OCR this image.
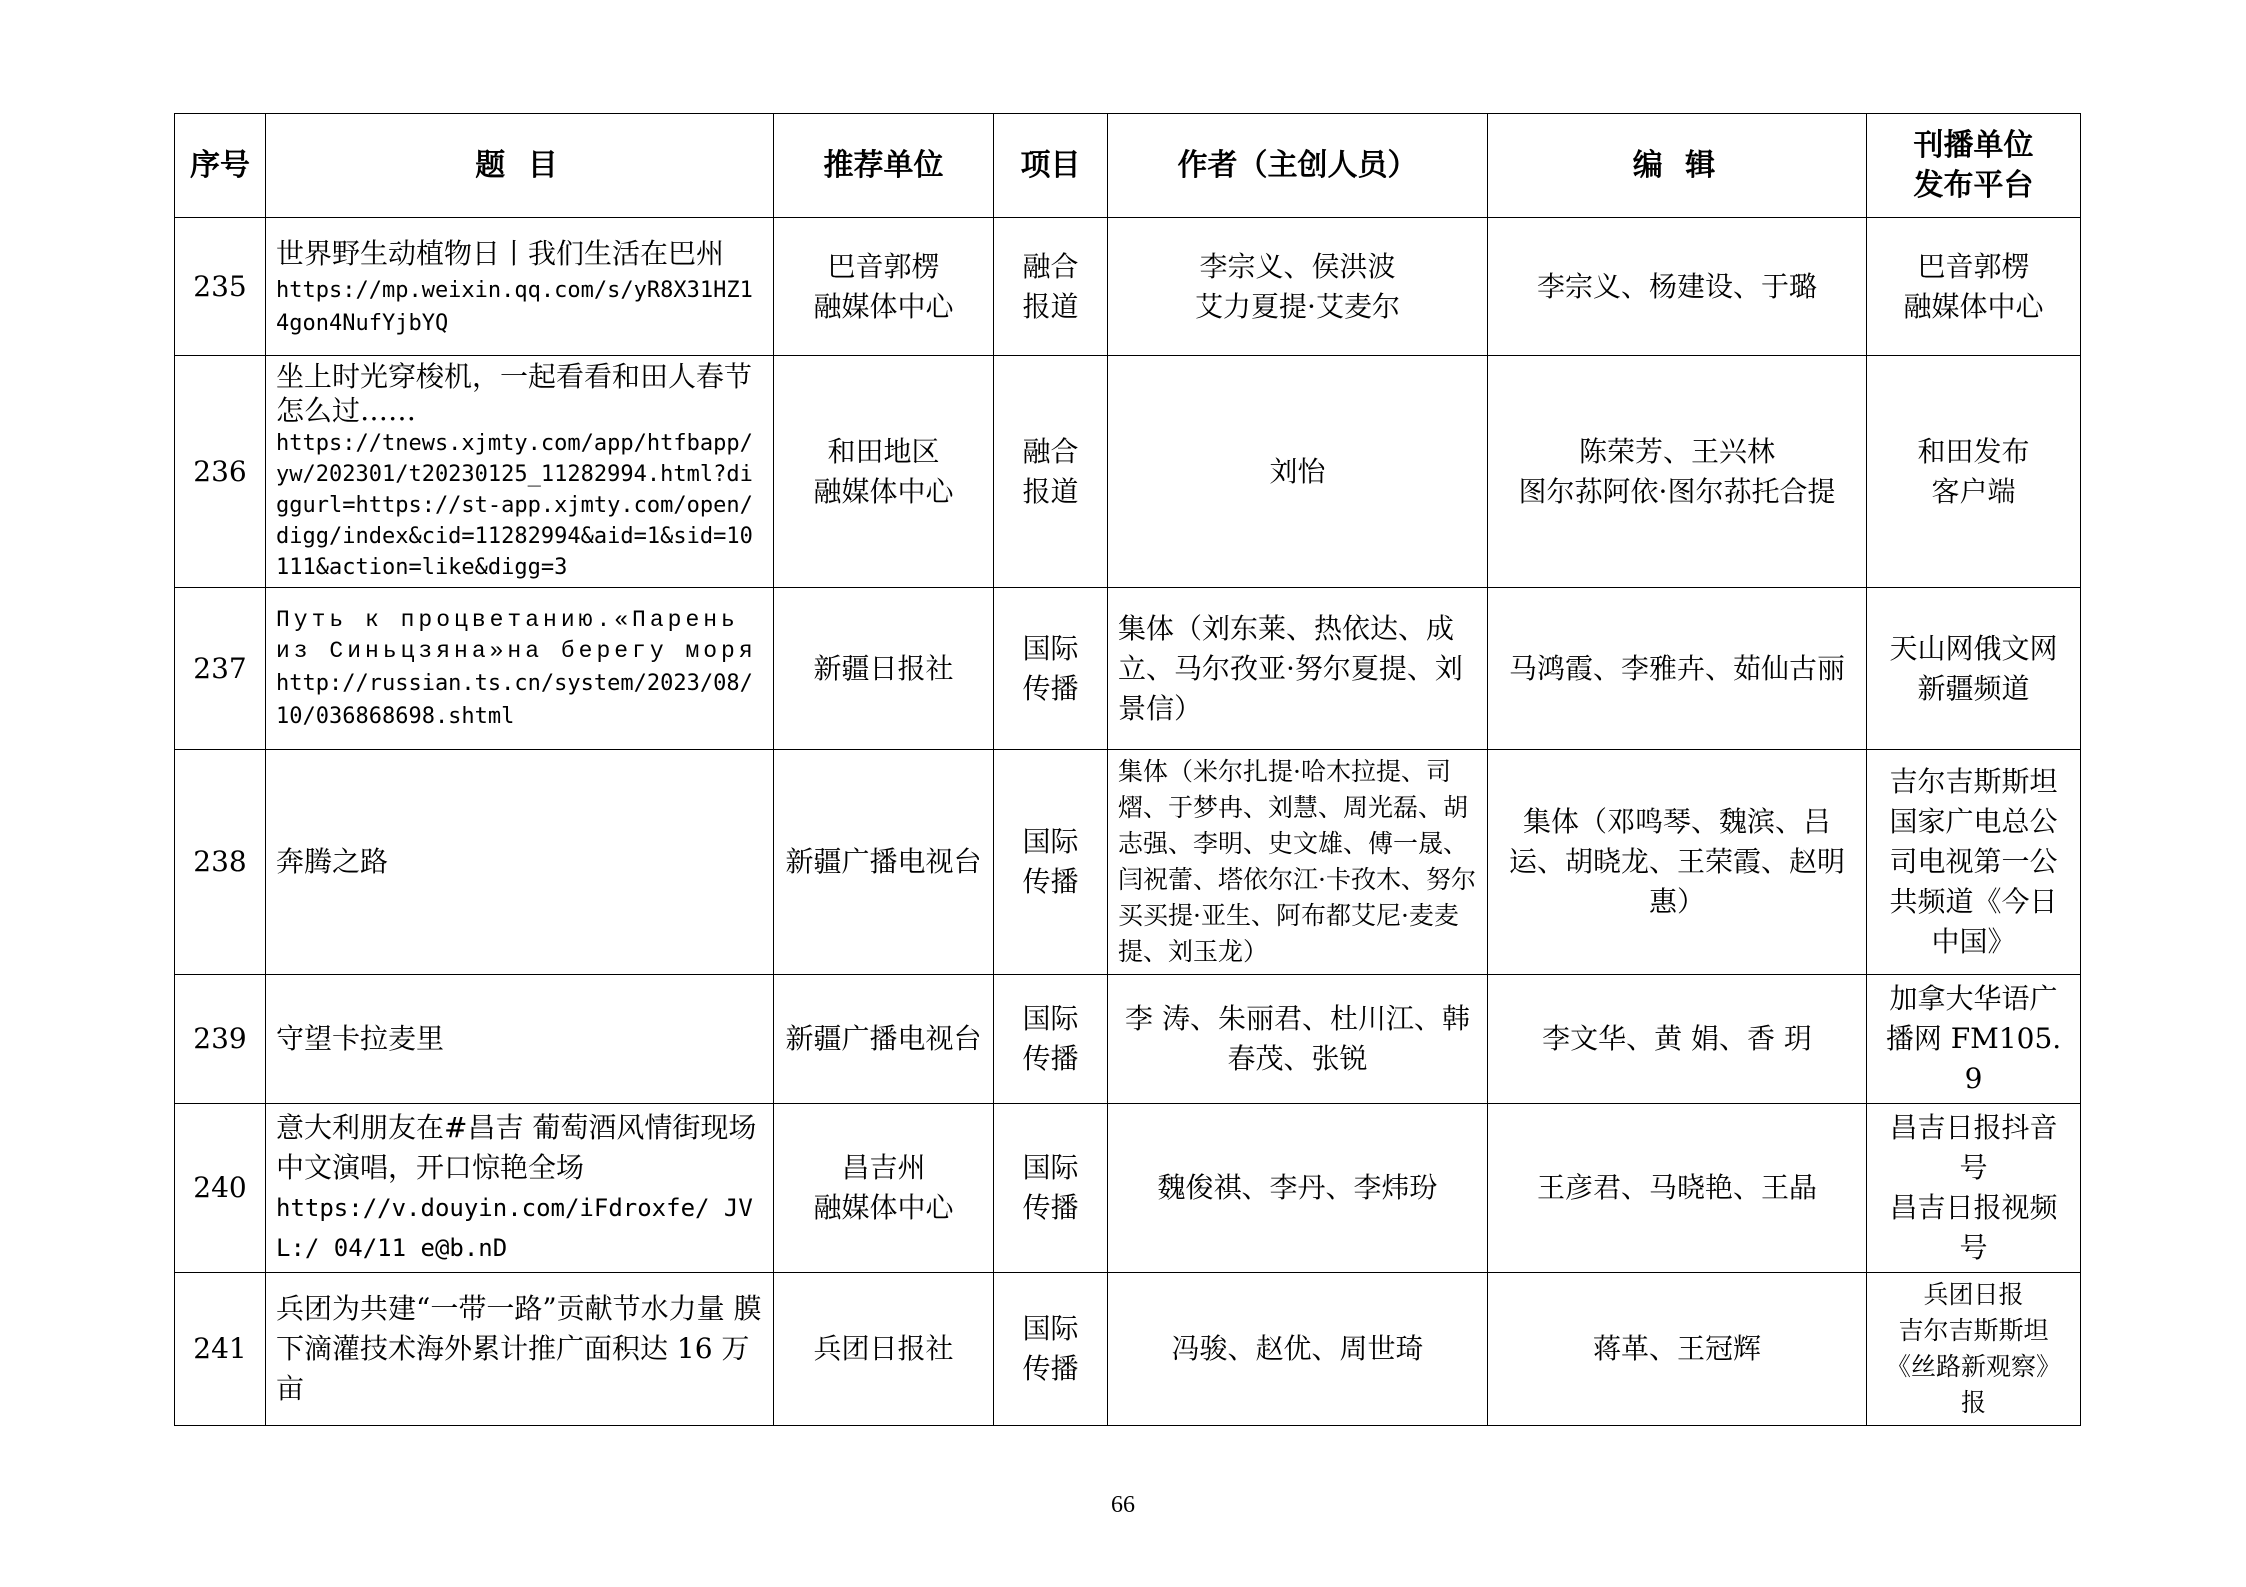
序号	题 目	推荐单位	项目	作者（主创人员）	编 辑	刊播单位
发布平台

235	世界野生动植物日丨我们生活在巴州
https://mp.weixin.qq.com/s/yR8X31HZ14gon4NufYjbYQ	巴音郭楞
融媒体中心	融合
报道	李宗义、侯洪波
艾力夏提·艾麦尔	李宗义、杨建设、于璐	巴音郭楞
融媒体中心

236	坐上时光穿梭机，一起看看和田人春节怎么过……
https://tnews.xjmty.com/app/htfbapp/yw/202301/t20230125_11282994.html?diggurl=https://st-app.xjmty.com/open/digg/index&cid=11282994&aid=1&sid=10111&action=like&digg=3	和田地区
融媒体中心	融合
报道	刘怡	陈荣芳、王兴林
图尔荪阿依·图尔荪托合提	和田发布
客户端

237	Путь к процветанию.«Парень из Синьцзяна»на берегу моря
http://russian.ts.cn/system/2023/08/10/036868698.shtml	新疆日报社	国际
传播	集体（刘东莱、热依达、成立、马尔孜亚·努尔夏提、刘景信）	马鸿霞、李雅卉、茹仙古丽	天山网俄文网
新疆频道

238	奔腾之路	新疆广播电视台	国际
传播	集体（米尔扎提·哈木拉提、司熠、于梦冉、刘慧、周光磊、胡志强、李明、史文雄、傅一晟、闫祝蕾、塔依尔江·卡孜木、努尔买买提·亚生、阿布都艾尼·麦麦提、刘玉龙）	集体（邓鸣琴、魏滨、吕运、胡晓龙、王荣霞、赵明惠）	吉尔吉斯斯坦国家广电总公司电视第一公共频道《今日中国》
239	守望卡拉麦里	新疆广播电视台	国际
传播	李 涛、朱丽君、杜川江、韩春茂、张锐	李文华、黄 娟、香 玥	加拿大华语广播网 FM105.9
240	意大利朋友在#昌吉 葡萄酒风情街现场中文演唱，开口惊艳全场
https://v.douyin.com/iFdroxfe/ JVL:/ 04/11 e@b.nD	昌吉州
融媒体中心	国际
传播	魏俊祺、李丹、李炜玢	王彦君、马晓艳、王晶	昌吉日报抖音号
昌吉日报视频号

241	兵团为共建“一带一路”贡献节水力量 膜下滴灌技术海外累计推广面积达 16 万亩	兵团日报社	国际
传播	冯骏、赵优、周世琦	蒋革、王冠辉	兵团日报
吉尔吉斯斯坦《丝路新观察》报
66
